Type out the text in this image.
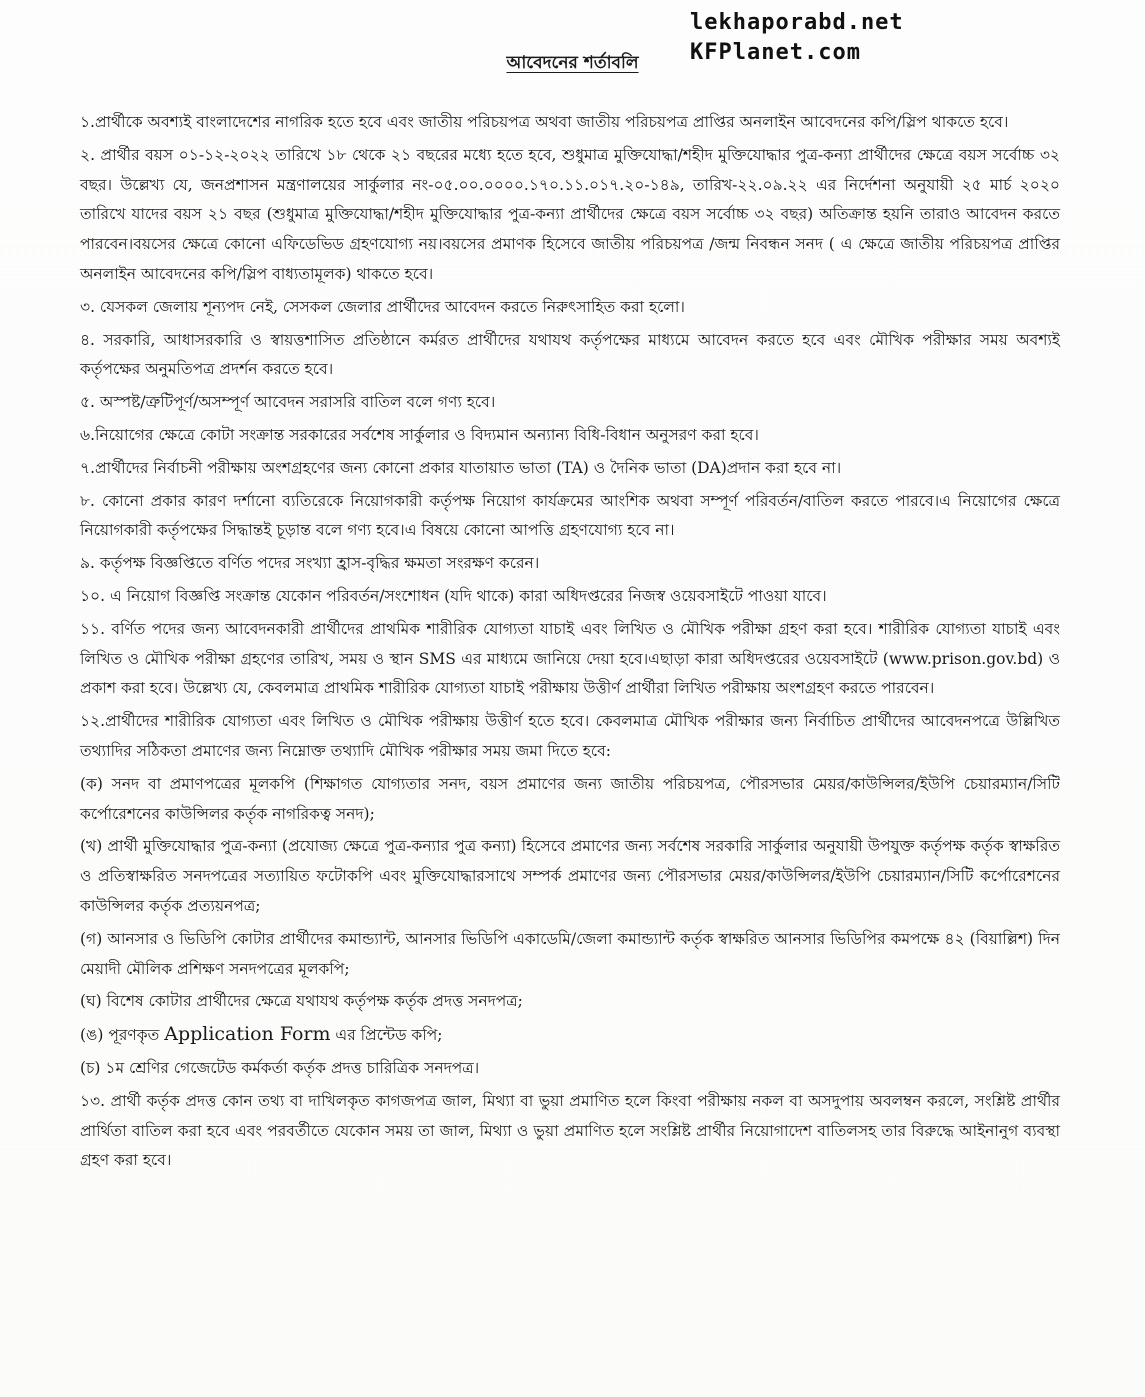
lekhaporabd.net
KFPlanet.com
আবেদনের শর্তাবলি

১.প্রার্থীকে অবশ্যই বাংলাদেশের নাগরিক হতে হবে এবং জাতীয় পরিচয়পত্র অথবা জাতীয় পরিচয়পত্র প্রাপ্তির অনলাইন আবেদনের কপি/স্লিপ থাকতে হবে।

২. প্রার্থীর বয়স ০১-১২-২০২২ তারিখে ১৮ থেকে ২১ বছরের মধ্যে হতে হবে, শুধুমাত্র মুক্তিযোদ্ধা/শহীদ মুক্তিযোদ্ধার পুত্র-কন্যা প্রার্থীদের ক্ষেত্রে বয়স সর্বোচ্চ ৩২ বছর। উল্লেখ্য যে, জনপ্রশাসন মন্ত্রণালয়ের সার্কুলার নং-০৫.০০.০০০০.১৭০.১১.০১৭.২০-১৪৯, তারিখ-২২.০৯.২২ এর নির্দেশনা অনুযায়ী ২৫ মার্চ ২০২০ তারিখে যাদের বয়স ২১ বছর (শুধুমাত্র মুক্তিযোদ্ধা/শহীদ মুক্তিযোদ্ধার পুত্র-কন্যা প্রার্থীদের ক্ষেত্রে বয়স সর্বোচ্চ ৩২ বছর) অতিক্রান্ত হয়নি তারাও আবেদন করতে পারবেন।বয়সের ক্ষেত্রে কোনো এফিডেভিড গ্রহণযোগ্য নয়।বয়সের প্রমাণক হিসেবে জাতীয় পরিচয়পত্র /জন্ম নিবন্ধন সনদ ( এ ক্ষেত্রে জাতীয় পরিচয়পত্র প্রাপ্তির অনলাইন আবেদনের কপি/স্লিপ বাধ্যতামূলক) থাকতে হবে।

৩. যেসকল জেলায় শূন্যপদ নেই, সেসকল জেলার প্রার্থীদের আবেদন করতে নিরুৎসাহিত করা হলো।

৪. সরকারি, আধাসরকারি ও স্বায়ত্তশাসিত প্রতিষ্ঠানে কর্মরত প্রার্থীদের যথাযথ কর্তৃপক্ষের মাধ্যমে আবেদন করতে হবে এবং মৌখিক পরীক্ষার সময় অবশ্যই কর্তৃপক্ষের অনুমতিপত্র প্রদর্শন করতে হবে।

৫. অস্পষ্ট/ত্রুটিপূর্ণ/অসম্পূর্ণ আবেদন সরাসরি বাতিল বলে গণ্য হবে।

৬.নিয়োগের ক্ষেত্রে কোটা সংক্রান্ত সরকারের সর্বশেষ সার্কুলার ও বিদ্যমান অন্যান্য বিধি-বিধান অনুসরণ করা হবে।

৭.প্রার্থীদের নির্বাচনী পরীক্ষায় অংশগ্রহণের জন্য কোনো প্রকার যাতায়াত ভাতা (TA) ও দৈনিক ভাতা (DA)প্রদান করা হবে না।

৮. কোনো প্রকার কারণ দর্শানো ব্যতিরেকে নিয়োগকারী কর্তৃপক্ষ নিয়োগ কার্যক্রমের আংশিক অথবা সম্পূর্ণ পরিবর্তন/বাতিল করতে পারবে।এ নিয়োগের ক্ষেত্রে নিয়োগকারী কর্তৃপক্ষের সিদ্ধান্তই চূড়ান্ত বলে গণ্য হবে।এ বিষয়ে কোনো আপত্তি গ্রহণযোগ্য হবে না।

৯. কর্তৃপক্ষ বিজ্ঞপ্তিতে বর্ণিত পদের সংখ্যা হ্রাস-বৃদ্ধির ক্ষমতা সংরক্ষণ করেন।

১০. এ নিয়োগ বিজ্ঞপ্তি সংক্রান্ত যেকোন পরিবর্তন/সংশোধন (যদি থাকে) কারা অধিদপ্তরের নিজস্ব ওয়েবসাইটে পাওয়া যাবে।

১১. বর্ণিত পদের জন্য আবেদনকারী প্রার্থীদের প্রাথমিক শারীরিক যোগ্যতা যাচাই এবং লিখিত ও মৌখিক পরীক্ষা গ্রহণ করা হবে। শারীরিক যোগ্যতা যাচাই এবং লিখিত ও মৌখিক পরীক্ষা গ্রহণের তারিখ, সময় ও স্থান SMS এর মাধ্যমে জানিয়ে দেয়া হবে।এছাড়া কারা অধিদপ্তরের ওয়েবসাইটে (www.prison.gov.bd) ও প্রকাশ করা হবে। উল্লেখ্য যে, কেবলমাত্র প্রাথমিক শারীরিক যোগ্যতা যাচাই পরীক্ষায় উত্তীর্ণ প্রার্থীরা লিখিত পরীক্ষায় অংশগ্রহণ করতে পারবেন।

১২.প্রার্থীদের শারীরিক যোগ্যতা এবং লিখিত ও মৌখিক পরীক্ষায় উত্তীর্ণ হতে হবে। কেবলমাত্র মৌখিক পরীক্ষার জন্য নির্বাচিত প্রার্থীদের আবেদনপত্রে উল্লিখিত তথ্যাদির সঠিকতা প্রমাণের জন্য নিম্নোক্ত তথ্যাদি মৌখিক পরীক্ষার সময় জমা দিতে হবে:

(ক) সনদ বা প্রমাণপত্রের মূলকপি (শিক্ষাগত যোগ্যতার সনদ, বয়স প্রমাণের জন্য জাতীয় পরিচয়পত্র, পৌরসভার মেয়র/কাউন্সিলর/ইউপি চেয়ারম্যান/সিটি কর্পোরেশনের কাউন্সিলর কর্তৃক নাগরিকত্ব সনদ);

(খ) প্রার্থী মুক্তিযোদ্ধার পুত্র-কন্যা (প্রযোজ্য ক্ষেত্রে পুত্র-কন্যার পুত্র কন্যা) হিসেবে প্রমাণের জন্য সর্বশেষ সরকারি সার্কুলার অনুযায়ী উপযুক্ত কর্তৃপক্ষ কর্তৃক স্বাক্ষরিত ও প্রতিস্বাক্ষরিত সনদপত্রের সত্যায়িত ফটোকপি এবং মুক্তিযোদ্ধারসাথে সম্পর্ক প্রমাণের জন্য পৌরসভার মেয়র/কাউন্সিলর/ইউপি চেয়ারম্যান/সিটি কর্পোরেশনের কাউন্সিলর কর্তৃক প্রত্যয়নপত্র;

(গ) আনসার ও ভিডিপি কোটার প্রার্থীদের কমান্ড্যান্ট, আনসার ভিডিপি একাডেমি/জেলা কমান্ড্যান্ট কর্তৃক স্বাক্ষরিত আনসার ভিডিপির কমপক্ষে ৪২ (বিয়াল্লিশ) দিন মেয়াদী মৌলিক প্রশিক্ষণ সনদপত্রের মূলকপি;

(ঘ) বিশেষ কোটার প্রার্থীদের ক্ষেত্রে যথাযথ কর্তৃপক্ষ কর্তৃক প্রদত্ত সনদপত্র;

(ঙ) পূরণকৃত Application Form এর প্রিন্টেড কপি;

(চ) ১ম শ্রেণির গেজেটেড কর্মকর্তা কর্তৃক প্রদত্ত চারিত্রিক সনদপত্র।

১৩. প্রার্থী কর্তৃক প্রদত্ত কোন তথ্য বা দাখিলকৃত কাগজপত্র জাল, মিথ্যা বা ভুয়া প্রমাণিত হলে কিংবা পরীক্ষায় নকল বা অসদুপায় অবলম্বন করলে, সংশ্লিষ্ট প্রার্থীর প্রার্থিতা বাতিল করা হবে এবং পরবর্তীতে যেকোন সময় তা জাল, মিথ্যা ও ভুয়া প্রমাণিত হলে সংশ্লিষ্ট প্রার্থীর নিয়োগাদেশ বাতিলসহ তার বিরুদ্ধে আইনানুগ ব্যবস্থা গ্রহণ করা হবে।
